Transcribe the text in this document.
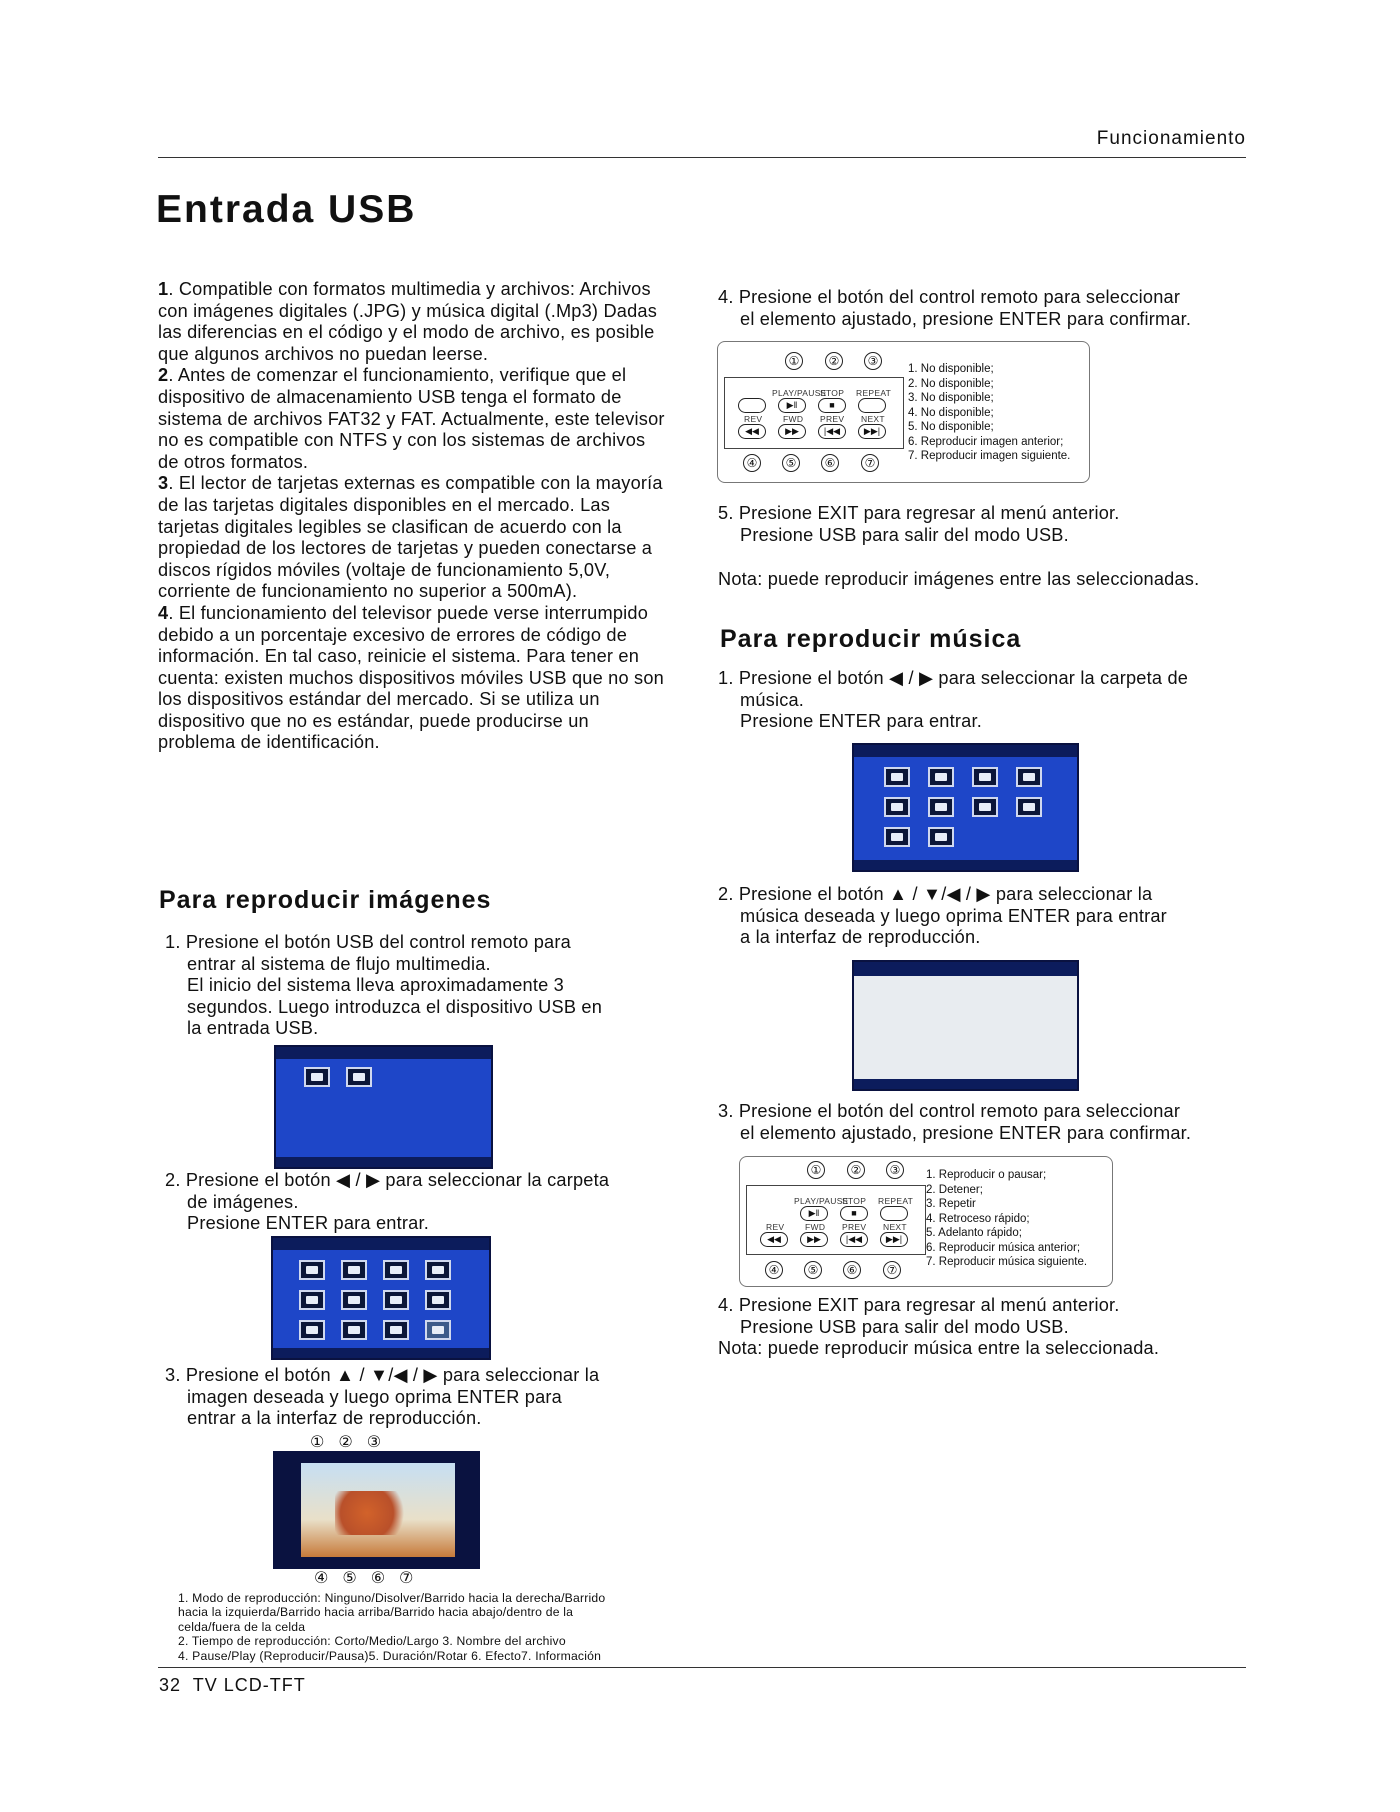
Funcionamiento
Entrada USB

1. Compatible con formatos multimedia y archivos: Archivos con imágenes digitales (.JPG) y música digital (.Mp3) Dadas las diferencias en el código y el modo de archivo, es posible que algunos archivos no puedan leerse.

2. Antes de comenzar el funcionamiento, verifique que el dispositivo de almacenamiento USB tenga el formato de sistema de archivos FAT32 y FAT. Actualmente, este televisor no es compatible con NTFS y con los sistemas de archivos de otros formatos.

3. El lector de tarjetas externas es compatible con la mayoría de las tarjetas digitales disponibles en el mercado. Las tarjetas digitales legibles se clasifican de acuerdo con la propiedad de los lectores de tarjetas y pueden conectarse a discos rígidos móviles (voltaje de funcionamiento 5,0V, corriente de funcionamiento no superior a 500mA).

4. El funcionamiento del televisor puede verse interrumpido debido a un porcentaje excesivo de errores de código de información. En tal caso, reinicie el sistema. Para tener en cuenta: existen muchos dispositivos móviles USB que no son los dispositivos estándar del mercado. Si se utiliza un dispositivo que no es estándar, puede producirse un problema de identificación.

Para reproducir imágenes
1. Presione el botón USB del control remoto para
entrar al sistema de flujo multimedia.
El inicio del sistema lleva aproximadamente 3
segundos. Luego introduzca el dispositivo USB en
la entrada USB.
2. Presione el botón ◀ / ▶ para seleccionar la carpeta
de imágenes.
Presione ENTER para entrar.
3. Presione el botón ▲ / ▼/◀ / ▶ para seleccionar la
imagen deseada y luego oprima ENTER para
entrar a la interfaz de reproducción.
①②③
④⑤⑥⑦
1. Modo de reproducción: Ninguno/Disolver/Barrido hacia la derecha/Barrido
hacia la izquierda/Barrido hacia arriba/Barrido hacia abajo/dentro de la
celda/fuera de la celda
2. Tiempo de reproducción: Corto/Medio/Largo 3. Nombre del archivo
4. Pause/Play (Reproducir/Pausa)5. Duración/Rotar 6. Efecto7. Información
4. Presione el botón del control remoto para seleccionar
el elemento ajustado, presione ENTER para confirmar.
①	②	③
PLAY/PAUSE
STOP REPEAT
▶‖	■
REV FWD PREV NEXT
◀◀	▶▶	|◀◀	▶▶|
④	⑤	⑥	⑦
1. No disponible;
2. No disponible;
3. No disponible;
4. No disponible;
5. No disponible;
6. Reproducir imagen anterior;
7. Reproducir imagen siguiente.
5. Presione EXIT para regresar al menú anterior.
Presione USB para salir del modo USB.
Nota: puede reproducir imágenes entre las seleccionadas.
Para reproducir música
1. Presione el botón ◀ / ▶ para seleccionar la carpeta de
música.
Presione ENTER para entrar.
2. Presione el botón ▲ / ▼/◀ / ▶ para seleccionar la
música deseada y luego oprima ENTER para entrar
a la interfaz de reproducción.
3. Presione el botón del control remoto para seleccionar
el elemento ajustado, presione ENTER para confirmar.
①	②	③
PLAY/PAUSE
STOP REPEAT
▶‖	■
REV FWD PREV NEXT
◀◀	▶▶	|◀◀	▶▶|
④	⑤	⑥	⑦
1. Reproducir o pausar;
2. Detener;
3. Repetir
4. Retroceso rápido;
5. Adelanto rápido;
6. Reproducir música anterior;
7. Reproducir música siguiente.
4. Presione EXIT para regresar al menú anterior.
Presione USB para salir del modo USB.
Nota: puede reproducir música entre la seleccionada.
32 TV LCD-TFT
